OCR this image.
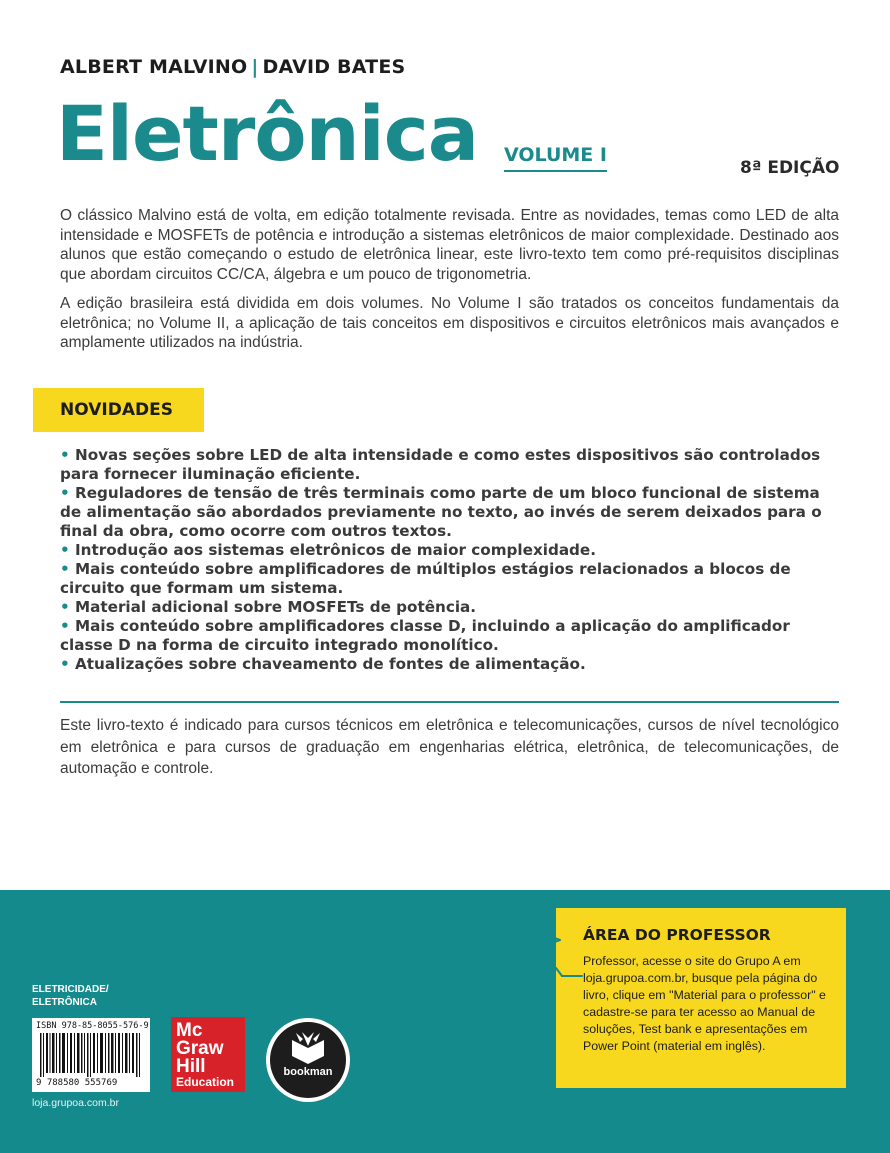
ALBERT MALVINO | DAVID BATES
Eletrônica VOLUME I
8ª EDIÇÃO

O clássico Malvino está de volta, em edição totalmente revisada. Entre as novidades, temas como LED de alta intensidade e MOSFETs de potência e introdução a sistemas eletrônicos de maior complexidade. Destinado aos alunos que estão começando o estudo de eletrônica linear, este livro-texto tem como pré-requisitos disciplinas que abordam circuitos CC/CA, álgebra e um pouco de trigonometria.

A edição brasileira está dividida em dois volumes. No Volume I são tratados os conceitos fundamentais da eletrônica; no Volume II, a aplicação de tais conceitos em dispositivos e circuitos eletrônicos mais avançados e amplamente utilizados na indústria.

NOVIDADES
• Novas seções sobre LED de alta intensidade e como estes dispositivos são controlados para fornecer iluminação eficiente.
• Reguladores de tensão de três terminais como parte de um bloco funcional de sistema de alimentação são abordados previamente no texto, ao invés de serem deixados para o final da obra, como ocorre com outros textos.
• Introdução aos sistemas eletrônicos de maior complexidade.
• Mais conteúdo sobre amplificadores de múltiplos estágios relacionados a blocos de circuito que formam um sistema.
• Material adicional sobre MOSFETs de potência.
• Mais conteúdo sobre amplificadores classe D, incluindo a aplicação do amplificador classe D na forma de circuito integrado monolítico.
• Atualizações sobre chaveamento de fontes de alimentação.
Este livro-texto é indicado para cursos técnicos em eletrônica e telecomunicações, cursos de nível tecnológico em eletrônica e para cursos de graduação em engenharias elétrica, eletrônica, de telecomunicações, de automação e controle.
ÁREA DO PROFESSOR
Professor, acesse o site do Grupo A em loja.grupoa.com.br, busque pela página do livro, clique em "Material para o professor" e cadastre-se para ter acesso ao Manual de soluções, Test bank e apresentações em Power Point (material em inglês).
ELETRICIDADE/
ELETRÔNICA
ISBN 978-85-8055-576-9
9 788580 555769
loja.grupoa.com.br
Mc
Graw
Hill
Education
bookman
